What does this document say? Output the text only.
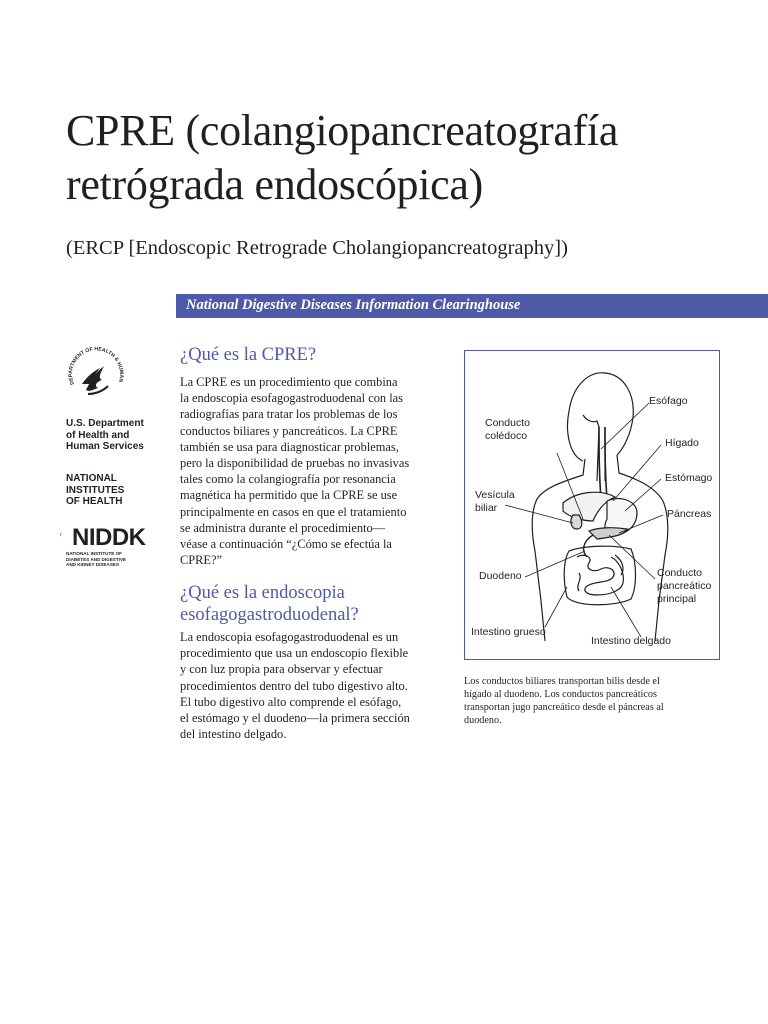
CPRE (colangiopancreatografía
retrógrada endoscópica)

(ERCP [Endoscopic Retrograde Cholangiopancreatography])

National Digestive Diseases Information Clearinghouse
DEPARTMENT OF HEALTH & HUMAN
U.S. Department
of Health and
Human Services
NATIONAL
INSTITUTES
OF HEALTH
NIDDK
NATIONAL INSTITUTE OF
DIABETES AND DIGESTIVE
AND KIDNEY DISEASES
¿Qué es la CPRE?
La CPRE es un procedimiento que combina
la endoscopia esofagogastroduodenal con las
radiografías para tratar los problemas de los
conductos biliares y pancreáticos. La CPRE
también se usa para diagnosticar problemas,
pero la disponibilidad de pruebas no invasivas
tales como la colangiografía por resonancia
magnética ha permitido que la CPRE se use
principalmente en casos en que el tratamiento
se administra durante el procedimiento—
véase a continuación “¿Cómo se efectúa la
CPRE?”
¿Qué es la endoscopia
esofagogastroduodenal?
La endoscopia esofagogastroduodenal es un
procedimiento que usa un endoscopio flexible
y con luz propia para observar y efectuar
procedimientos dentro del tubo digestivo alto.
El tubo digestivo alto comprende el esófago,
el estómago y el duodeno—la primera sección
del intestino delgado.
Esófago
Conducto
colédoco
Hígado
Estómago
Vesícula
biliar	Páncreas
Duodeno	Conducto
pancreático
principal
Intestino grueso
Intestino delgado
Los conductos biliares transportan bilis desde el
hígado al duodeno. Los conductos pancreáticos
transportan jugo pancreático desde el páncreas al
duodeno.
